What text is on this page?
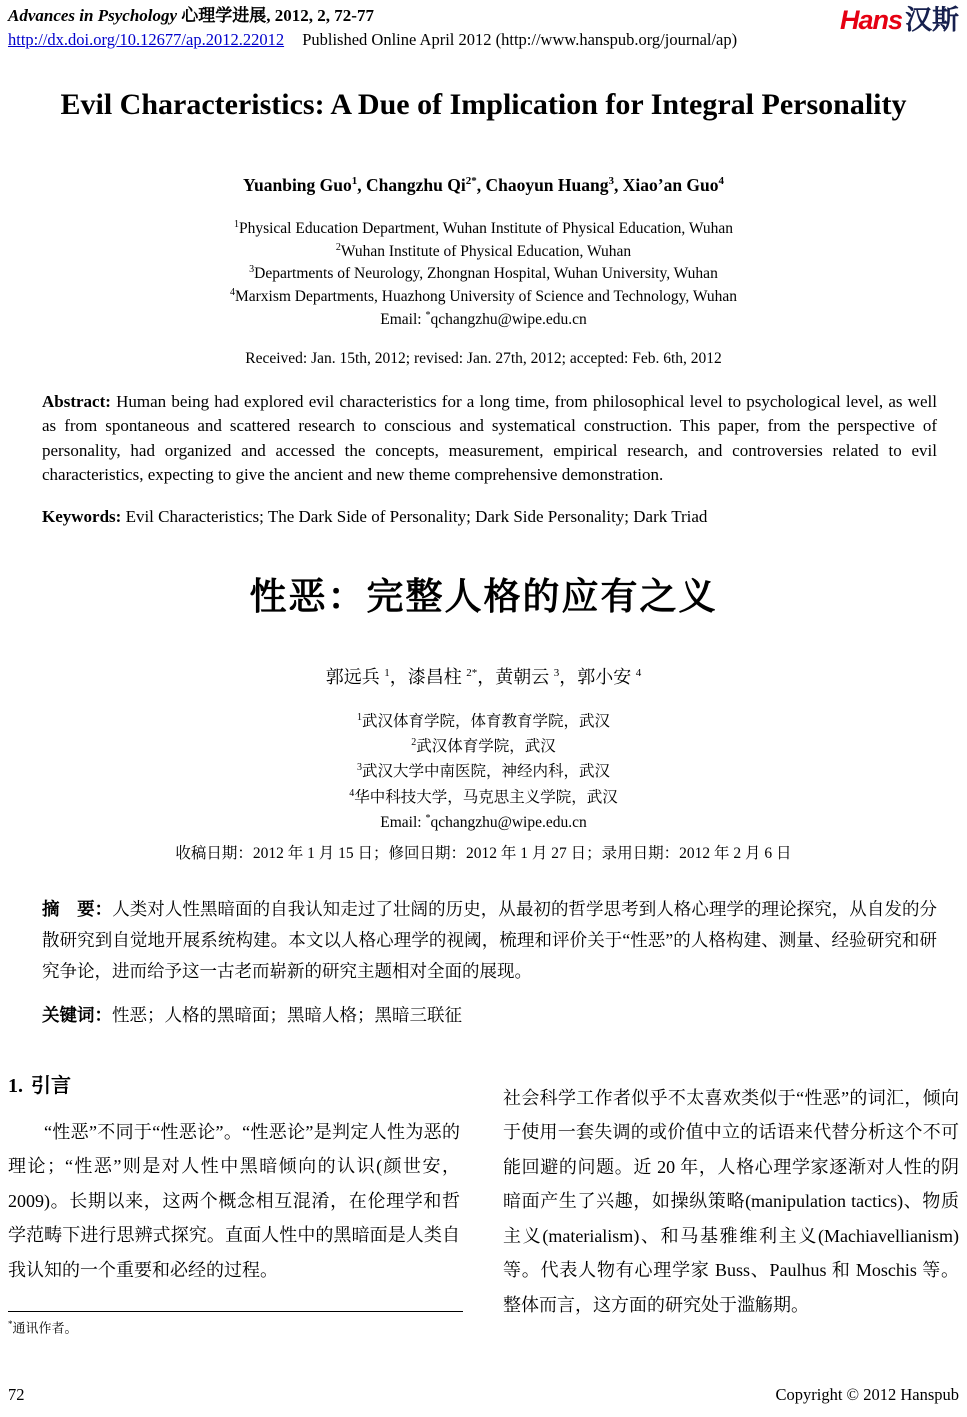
Advances in Psychology 心理学进展, 2012, 2, 72-77
http://dx.doi.org/10.12677/ap.2012.22012 Published Online April 2012 (http://www.hanspub.org/journal/ap)
Hans 汉斯
Evil Characteristics: A Due of Implication for Integral Personality
Yuanbing Guo$^1$, Changzhu $Qi^{2*}$, Chaoyun Huang$^3$, Xiao’an Guo$^4$
$^1$Physical Education Department, Wuhan Institute of Physical Education, Wuhan
$^2$Wuhan Institute of Physical Education, Wuhan
$^3$Departments of Neurology, Zhongnan Hospital, Wuhan University, Wuhan
$^4$Marxism Departments, Huazhong University of Science and Technology, Wuhan
Email: *qchangzhu@wipe.edu.cn
Received: Jan. 15th, 2012; revised: Jan. 27th, 2012; accepted: Feb. 6th, 2012

Abstract: Human being had explored evil characteristics for a long time, from philosophical level to psychological level, as well as from spontaneous and scattered research to conscious and systematical construction. This paper, from the perspective of personality, had organized and accessed the concepts, measurement, empirical research, and controversies related to evil characteristics, expecting to give the ancient and new theme comprehensive demonstration.

Keywords: Evil Characteristics; The Dark Side of Personality; Dark Side Personality; Dark Triad

性恶：完整人格的应有之义
郭远兵 $^1$，漆昌柱 $^{2*}$，黄朝云 $^3$，郭小安 $^4$
$^1$武汉体育学院，体育教育学院，武汉
$^2$武汉体育学院，武汉
$^3$武汉大学中南医院，神经内科，武汉
$^4$华中科技大学，马克思主义学院，武汉
Email: *qchangzhu@wipe.edu.cn
收稿日期：2012 年 1 月 15 日；修回日期：2012 年 1 月 27 日；录用日期：2012 年 2 月 6 日

摘　要：人类对人性黑暗面的自我认知走过了壮阔的历史，从最初的哲学思考到人格心理学的理论探究，从自发的分散研究到自觉地开展系统构建。本文以人格心理学的视阈，梳理和评价关于“性恶”的人格构建、测量、经验研究和研究争论，进而给予这一古老而崭新的研究主题相对全面的展现。

关键词：性恶；人格的黑暗面；黑暗人格；黑暗三联征

1. 引言

“性恶”不同于“性恶论”。“性恶论”是判定人性为恶的理论；“性恶”则是对人性中黑暗倾向的认识(颜世安，2009)。长期以来，这两个概念相互混淆，在伦理学和哲学范畴下进行思辨式探究。直面人性中的黑暗面是人类自我认知的一个重要和必经的过程。

*通讯作者。

社会科学工作者似乎不太喜欢类似于“性恶”的词汇，倾向于使用一套失调的或价值中立的话语来代替分析这个不可能回避的问题。近 20 年，人格心理学家逐渐对人性的阴暗面产生了兴趣，如操纵策略(manipulation tactics)、物质主义(materialism)、和马基雅维利主义(Machiavellianism)等。代表人物有心理学家 Buss、Paulhus 和 Moschis 等。整体而言，这方面的研究处于滥觞期。

72	Copyright © 2012 Hanspub
